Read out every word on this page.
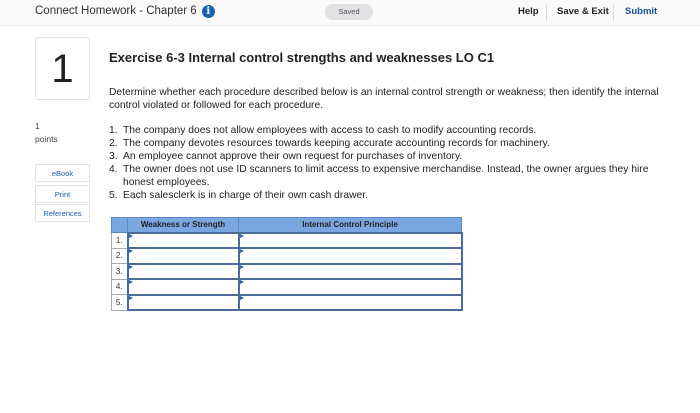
Connect Homework - Chapter 6 i	Saved	Help Save & Exit Submit
1
1
points
eBook
Print
References
Exercise 6-3 Internal control strengths and weaknesses LO C1
Determine whether each procedure described below is an internal control strength or weakness; then identify the internal control violated or followed for each procedure.
1. The company does not allow employees with access to cash to modify accounting records.
2. The company devotes resources towards keeping accurate accounting records for machinery.
3. An employee cannot approve their own request for purchases of inventory.
4. The owner does not use ID scanners to limit access to expensive merchandise. Instead, the owner argues they hire honest employees.
5. Each salesclerk is in charge of their own cash drawer.
	Weakness or Strength	Internal Control Principle
1.		
2.		
3.		
4.		
5.		
